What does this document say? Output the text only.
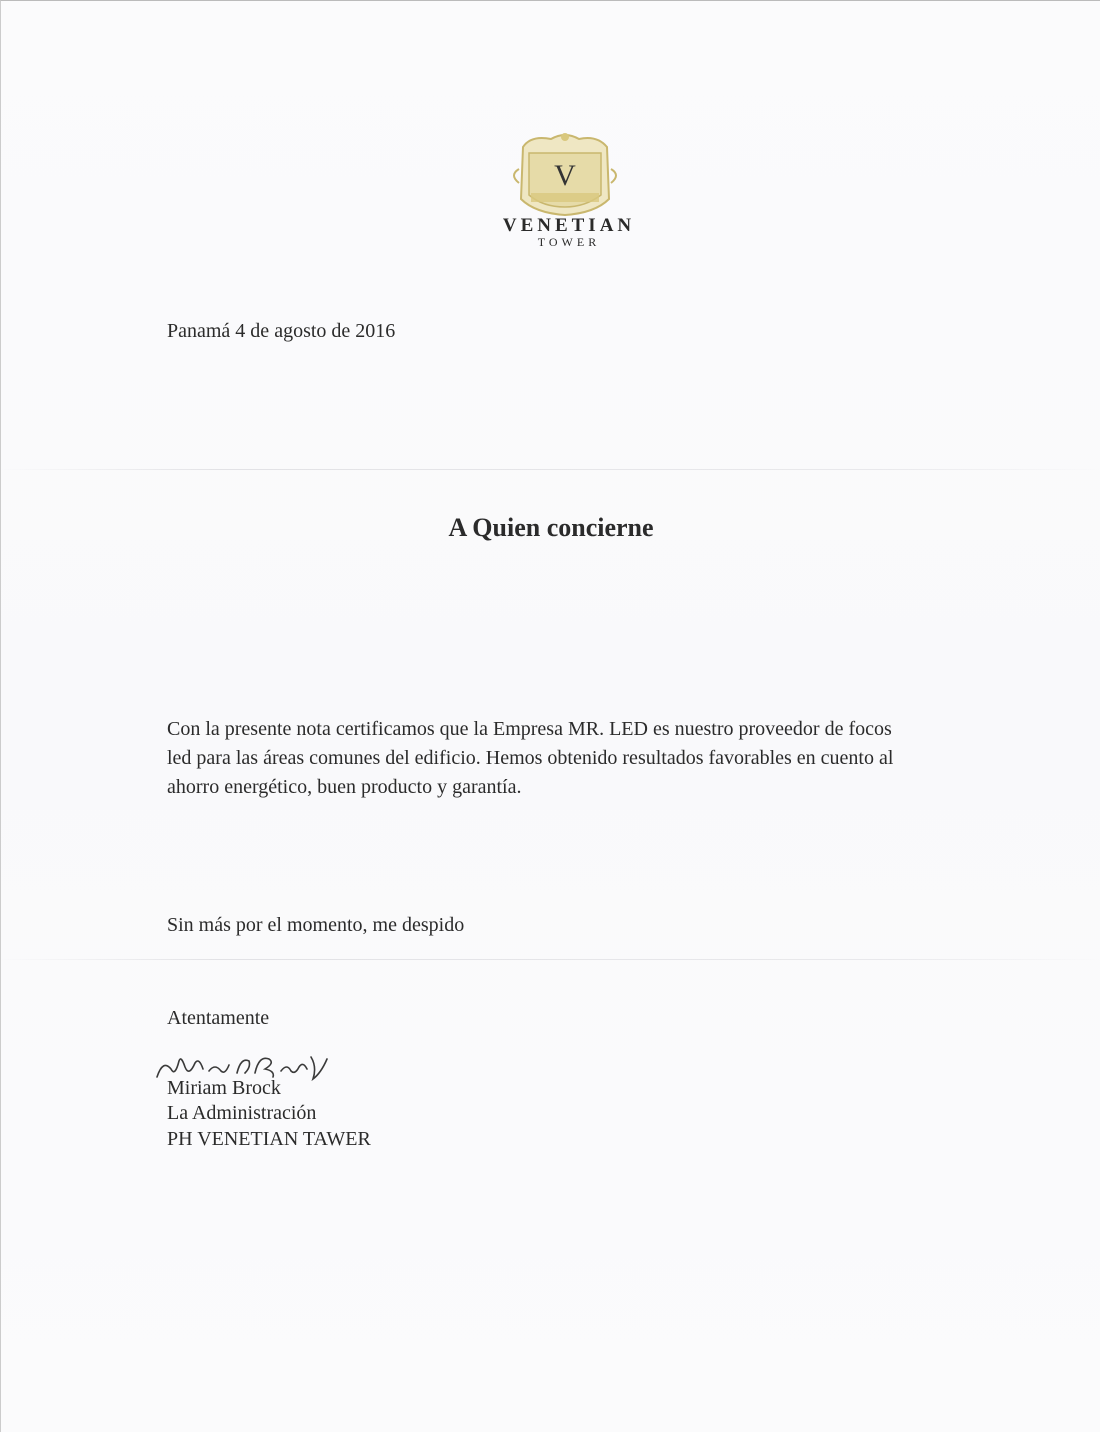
V
VENETIAN
TOWER
Panamá 4 de agosto de 2016
A Quien concierne
Con la presente nota certificamos que la Empresa MR. LED es nuestro proveedor de focos
led para las áreas comunes del edificio. Hemos obtenido resultados favorables en cuento al
ahorro energético, buen producto y garantía.
Sin más por el momento, me despido
Atentamente
Miriam Brock
La Administración
PH VENETIAN TAWER
